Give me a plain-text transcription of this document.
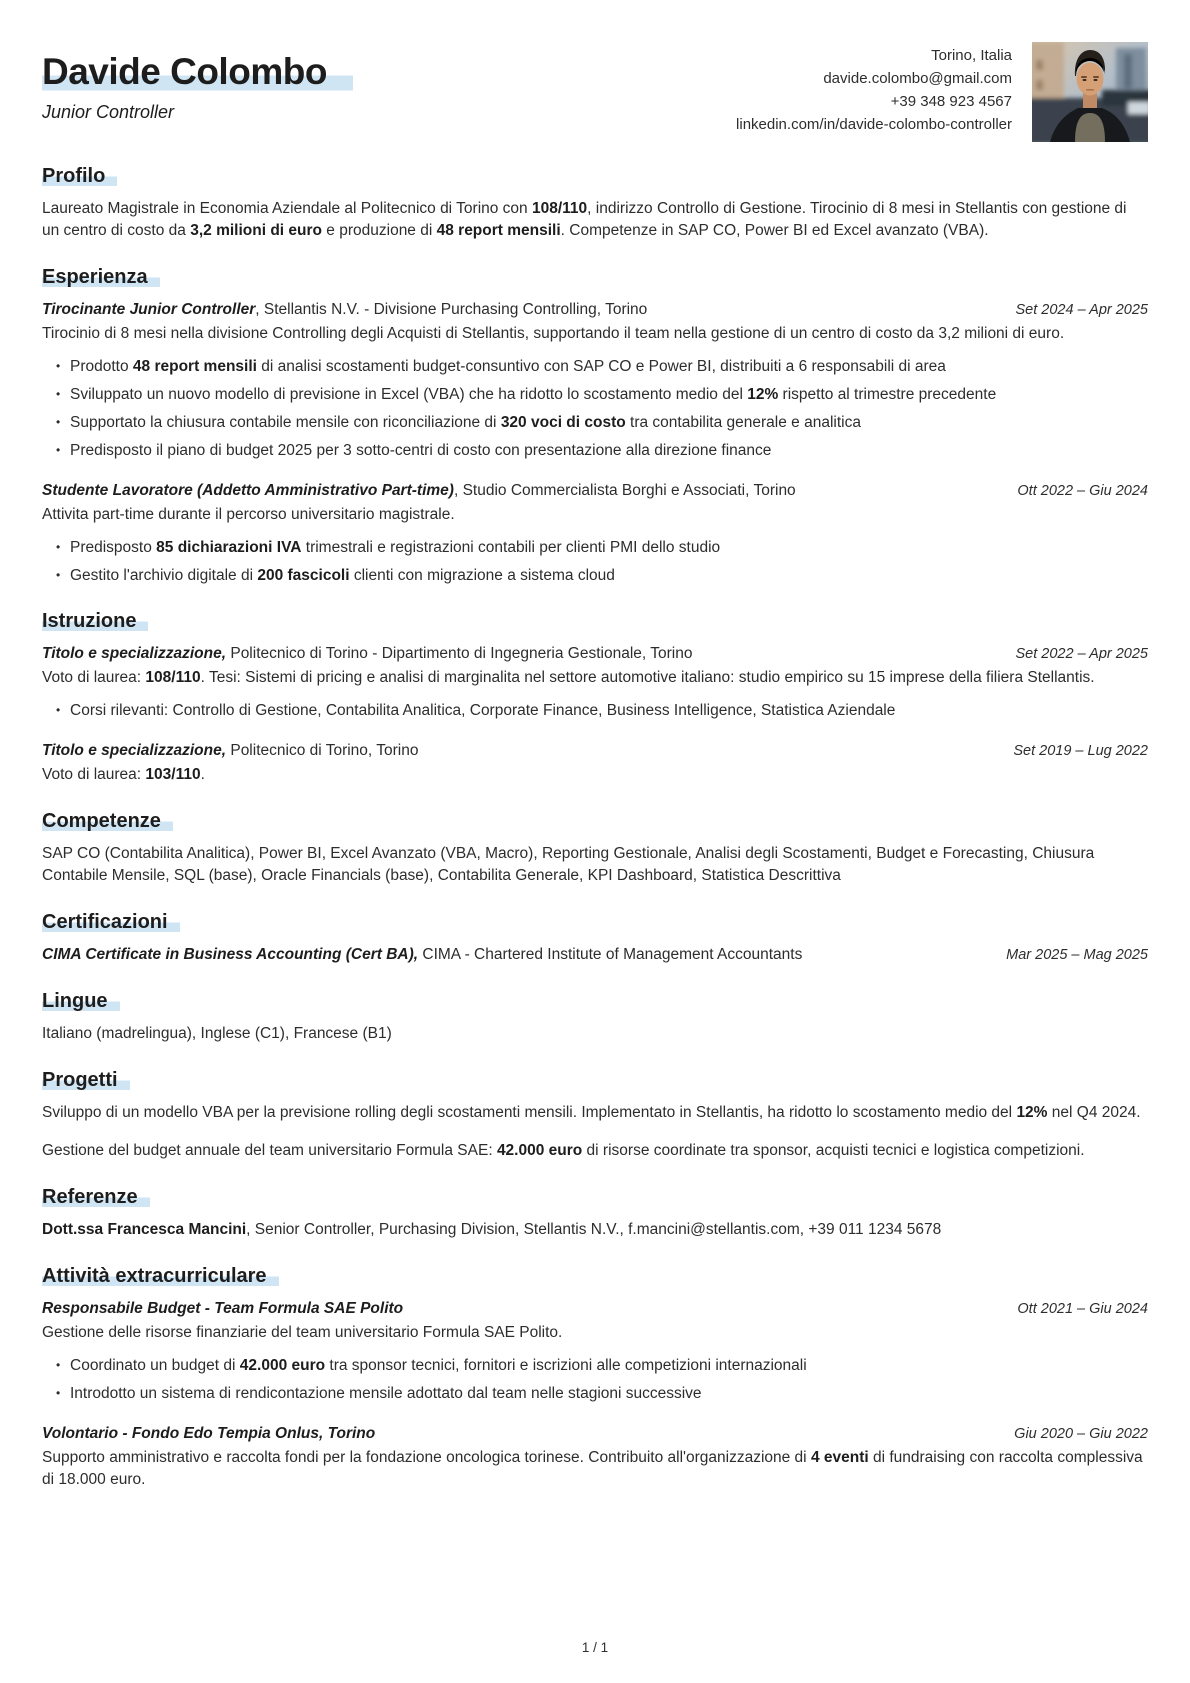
Davide Colombo
Junior Controller
Torino, Italia
davide.colombo@gmail.com
+39 348 923 4567
linkedin.com/in/davide-colombo-controller
Profilo

Laureato Magistrale in Economia Aziendale al Politecnico di Torino con 108/110, indirizzo Controllo di Gestione. Tirocinio di 8 mesi in Stellantis con gestione di un centro di costo da 3,2 milioni di euro e produzione di 48 report mensili. Competenze in SAP CO, Power BI ed Excel avanzato (VBA).

Esperienza
Tirocinante Junior Controller, Stellantis N.V. - Divisione Purchasing Controlling, Torino	Set 2024 – Apr 2025

Tirocinio di 8 mesi nella divisione Controlling degli Acquisti di Stellantis, supportando il team nella gestione di un centro di costo da 3,2 milioni di euro.

• Prodotto 48 report mensili di analisi scostamenti budget-consuntivo con SAP CO e Power BI, distribuiti a 6 responsabili di area
• Sviluppato un nuovo modello di previsione in Excel (VBA) che ha ridotto lo scostamento medio del 12% rispetto al trimestre precedente
• Supportato la chiusura contabile mensile con riconciliazione di 320 voci di costo tra contabilita generale e analitica
• Predisposto il piano di budget 2025 per 3 sotto-centri di costo con presentazione alla direzione finance
Studente Lavoratore (Addetto Amministrativo Part-time), Studio Commercialista Borghi e Associati, Torino	Ott 2022 – Giu 2024

Attivita part-time durante il percorso universitario magistrale.

• Predisposto 85 dichiarazioni IVA trimestrali e registrazioni contabili per clienti PMI dello studio
• Gestito l'archivio digitale di 200 fascicoli clienti con migrazione a sistema cloud
Istruzione
Titolo e specializzazione, Politecnico di Torino - Dipartimento di Ingegneria Gestionale, Torino	Set 2022 – Apr 2025

Voto di laurea: 108/110. Tesi: Sistemi di pricing e analisi di marginalita nel settore automotive italiano: studio empirico su 15 imprese della filiera Stellantis.

• Corsi rilevanti: Controllo di Gestione, Contabilita Analitica, Corporate Finance, Business Intelligence, Statistica Aziendale
Titolo e specializzazione, Politecnico di Torino, Torino	Set 2019 – Lug 2022

Voto di laurea: 103/110.

Competenze

SAP CO (Contabilita Analitica), Power BI, Excel Avanzato (VBA, Macro), Reporting Gestionale, Analisi degli Scostamenti, Budget e Forecasting, Chiusura Contabile Mensile, SQL (base), Oracle Financials (base), Contabilita Generale, KPI Dashboard, Statistica Descrittiva

Certificazioni
CIMA Certificate in Business Accounting (Cert BA), CIMA - Chartered Institute of Management Accountants	Mar 2025 – Mag 2025
Lingue

Italiano (madrelingua), Inglese (C1), Francese (B1)

Progetti

Sviluppo di un modello VBA per la previsione rolling degli scostamenti mensili. Implementato in Stellantis, ha ridotto lo scostamento medio del 12% nel Q4 2024.

Gestione del budget annuale del team universitario Formula SAE: 42.000 euro di risorse coordinate tra sponsor, acquisti tecnici e logistica competizioni.

Referenze

Dott.ssa Francesca Mancini, Senior Controller, Purchasing Division, Stellantis N.V., f.mancini@stellantis.com, +39 011 1234 5678

Attività extracurriculare
Responsabile Budget - Team Formula SAE Polito	Ott 2021 – Giu 2024

Gestione delle risorse finanziarie del team universitario Formula SAE Polito.

• Coordinato un budget di 42.000 euro tra sponsor tecnici, fornitori e iscrizioni alle competizioni internazionali
• Introdotto un sistema di rendicontazione mensile adottato dal team nelle stagioni successive
Volontario - Fondo Edo Tempia Onlus, Torino	Giu 2020 – Giu 2022

Supporto amministrativo e raccolta fondi per la fondazione oncologica torinese. Contribuito all'organizzazione di 4 eventi di fundraising con raccolta complessiva di 18.000 euro.

1 / 1
